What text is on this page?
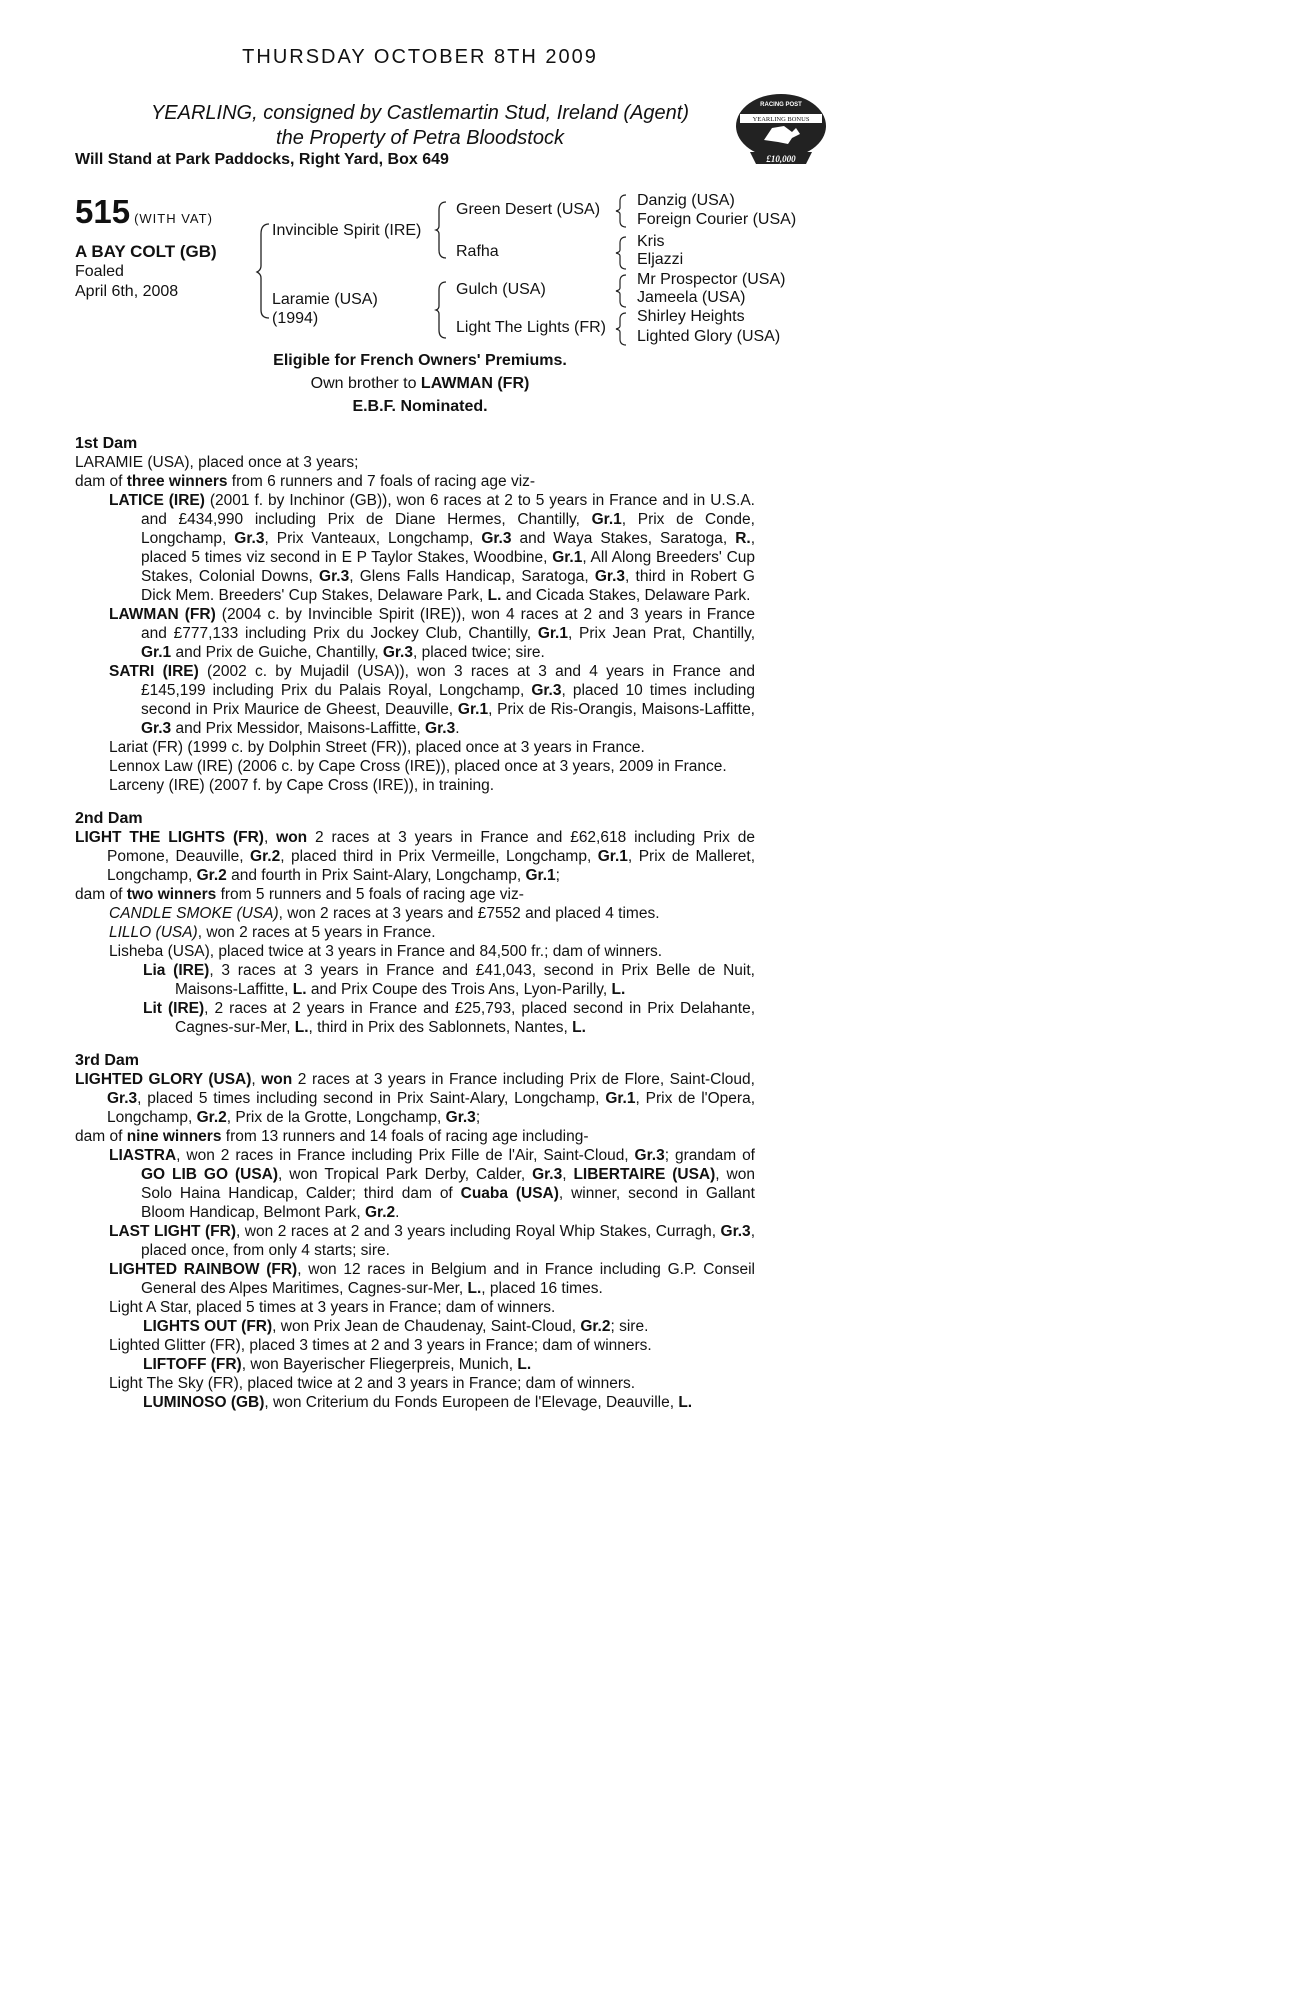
THURSDAY OCTOBER 8TH 2009
YEARLING, consigned by Castlemartin Stud, Ireland (Agent)
the Property of Petra Bloodstock
Will Stand at Park Paddocks, Right Yard, Box 649
RACING POST
YEARLING BONUS
£10,000
515 (WITH VAT)
A BAY COLT (GB)
Foaled
April 6th, 2008
Invincible Spirit (IRE)
Laramie (USA)
(1994)
Green Desert (USA)
Rafha
Gulch (USA)
Light The Lights (FR)
Danzig (USA)
Foreign Courier (USA)
Kris
Eljazzi
Mr Prospector (USA)
Jameela (USA)
Shirley Heights
Lighted Glory (USA)
Eligible for French Owners' Premiums.
Own brother to LAWMAN (FR)
E.B.F. Nominated.

1st Dam

LARAMIE (USA), placed once at 3 years;

dam of three winners from 6 runners and 7 foals of racing age viz-

LATICE (IRE) (2001 f. by Inchinor (GB)), won 6 races at 2 to 5 years in France and in U.S.A. and £434,990 including Prix de Diane Hermes, Chantilly, Gr.1, Prix de Conde, Longchamp, Gr.3, Prix Vanteaux, Longchamp, Gr.3 and Waya Stakes, Saratoga, R., placed 5 times viz second in E P Taylor Stakes, Woodbine, Gr.1, All Along Breeders' Cup Stakes, Colonial Downs, Gr.3, Glens Falls Handicap, Saratoga, Gr.3, third in Robert G Dick Mem. Breeders' Cup Stakes, Delaware Park, L. and Cicada Stakes, Delaware Park.

LAWMAN (FR) (2004 c. by Invincible Spirit (IRE)), won 4 races at 2 and 3 years in France and £777,133 including Prix du Jockey Club, Chantilly, Gr.1, Prix Jean Prat, Chantilly, Gr.1 and Prix de Guiche, Chantilly, Gr.3, placed twice; sire.

SATRI (IRE) (2002 c. by Mujadil (USA)), won 3 races at 3 and 4 years in France and £145,199 including Prix du Palais Royal, Longchamp, Gr.3, placed 10 times including second in Prix Maurice de Gheest, Deauville, Gr.1, Prix de Ris-Orangis, Maisons-Laffitte, Gr.3 and Prix Messidor, Maisons-Laffitte, Gr.3.

Lariat (FR) (1999 c. by Dolphin Street (FR)), placed once at 3 years in France.

Lennox Law (IRE) (2006 c. by Cape Cross (IRE)), placed once at 3 years, 2009 in France.

Larceny (IRE) (2007 f. by Cape Cross (IRE)), in training.

2nd Dam

LIGHT THE LIGHTS (FR), won 2 races at 3 years in France and £62,618 including Prix de Pomone, Deauville, Gr.2, placed third in Prix Vermeille, Longchamp, Gr.1, Prix de Malleret, Longchamp, Gr.2 and fourth in Prix Saint-Alary, Longchamp, Gr.1;

dam of two winners from 5 runners and 5 foals of racing age viz-

CANDLE SMOKE (USA), won 2 races at 3 years and £7552 and placed 4 times.

LILLO (USA), won 2 races at 5 years in France.

Lisheba (USA), placed twice at 3 years in France and 84,500 fr.; dam of winners.

Lia (IRE), 3 races at 3 years in France and £41,043, second in Prix Belle de Nuit, Maisons-Laffitte, L. and Prix Coupe des Trois Ans, Lyon-Parilly, L.

Lit (IRE), 2 races at 2 years in France and £25,793, placed second in Prix Delahante, Cagnes-sur-Mer, L., third in Prix des Sablonnets, Nantes, L.

3rd Dam

LIGHTED GLORY (USA), won 2 races at 3 years in France including Prix de Flore, Saint-Cloud, Gr.3, placed 5 times including second in Prix Saint-Alary, Longchamp, Gr.1, Prix de l'Opera, Longchamp, Gr.2, Prix de la Grotte, Longchamp, Gr.3;

dam of nine winners from 13 runners and 14 foals of racing age including-

LIASTRA, won 2 races in France including Prix Fille de l'Air, Saint-Cloud, Gr.3; grandam of GO LIB GO (USA), won Tropical Park Derby, Calder, Gr.3, LIBERTAIRE (USA), won Solo Haina Handicap, Calder; third dam of Cuaba (USA), winner, second in Gallant Bloom Handicap, Belmont Park, Gr.2.

LAST LIGHT (FR), won 2 races at 2 and 3 years including Royal Whip Stakes, Curragh, Gr.3, placed once, from only 4 starts; sire.

LIGHTED RAINBOW (FR), won 12 races in Belgium and in France including G.P. Conseil General des Alpes Maritimes, Cagnes-sur-Mer, L., placed 16 times.

Light A Star, placed 5 times at 3 years in France; dam of winners.

LIGHTS OUT (FR), won Prix Jean de Chaudenay, Saint-Cloud, Gr.2; sire.

Lighted Glitter (FR), placed 3 times at 2 and 3 years in France; dam of winners.

LIFTOFF (FR), won Bayerischer Fliegerpreis, Munich, L.

Light The Sky (FR), placed twice at 2 and 3 years in France; dam of winners.

LUMINOSO (GB), won Criterium du Fonds Europeen de l'Elevage, Deauville, L.
